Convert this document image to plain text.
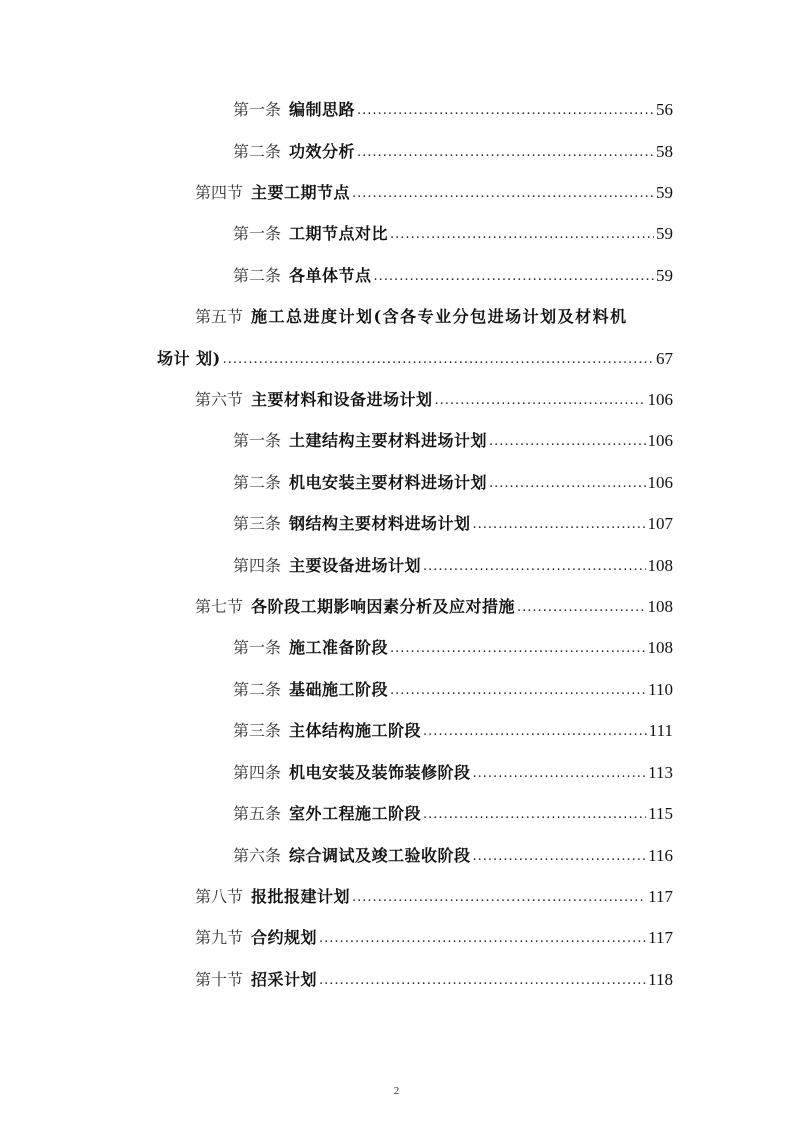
第一条 编制思路 .....	56
第二条 功效分析 .....	58
第四节 主要工期节点 .....	59
第一条 工期节点对比 .....	59
第二条 各单体节点 .....	59
第五节 施工总进度计划(含各专业分包进场计划及材料机
场计 划) .....	67
第六节 主要材料和设备进场计划 .....	106
第一条 土建结构主要材料进场计划 .....	106
第二条 机电安装主要材料进场计划 .....	106
第三条 钢结构主要材料进场计划 .....	107
第四条 主要设备进场计划 .....	108
第七节 各阶段工期影响因素分析及应对措施 .....	108
第一条 施工准备阶段 .....	108
第二条 基础施工阶段 .....	110
第三条 主体结构施工阶段 .....	111
第四条 机电安装及装饰装修阶段 .....	113
第五条 室外工程施工阶段 .....	115
第六条 综合调试及竣工验收阶段 .....	116
第八节 报批报建计划 .....	117
第九节 合约规划 .....	117
第十节 招采计划 .....	118
2
